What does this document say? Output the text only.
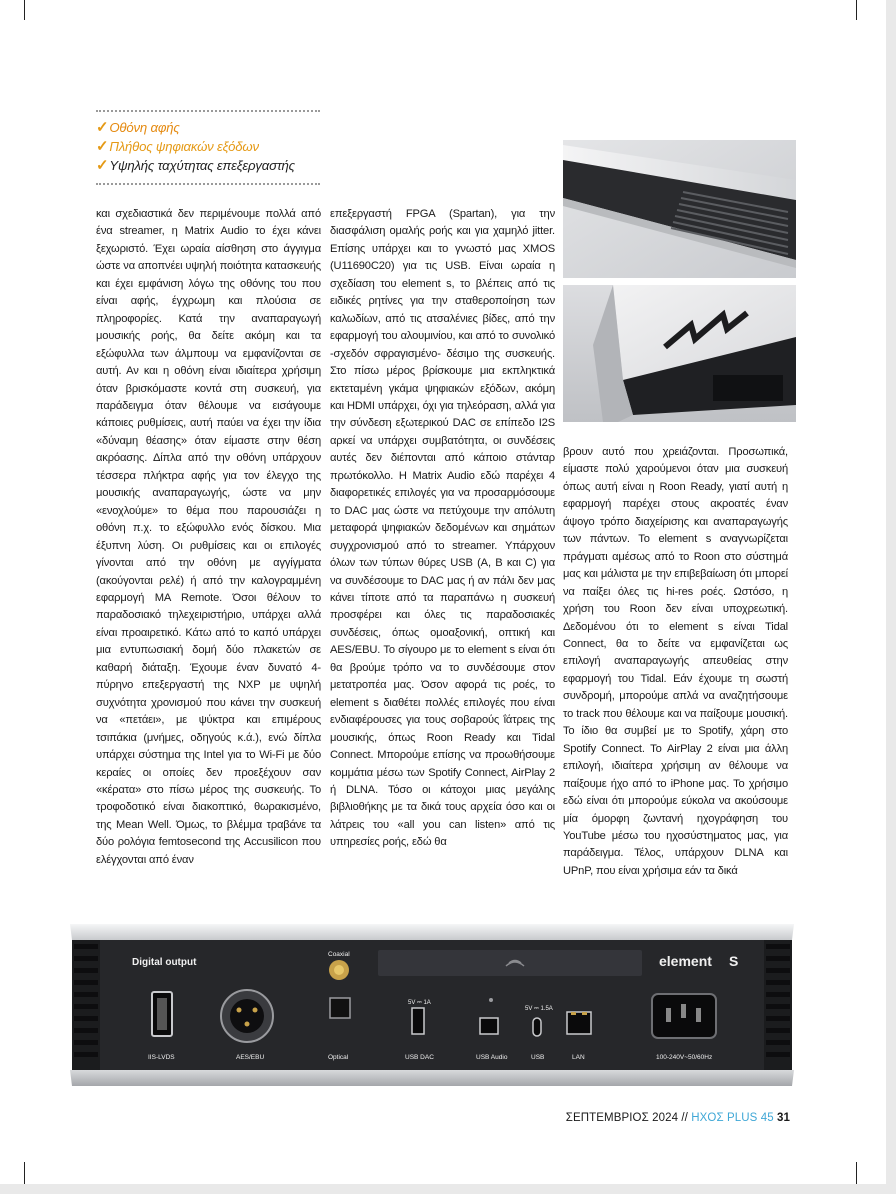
✓Οθόνη αφής
✓Πλήθος ψηφιακών εξόδων
✓Υψηλής ταχύτητας επεξεργαστής

και σχεδιαστικά δεν περιμένουμε πολλά από ένα streamer, η Matrix Audio το έχει κάνει ξεχωριστό. Έχει ωραία αίσθηση στο άγγιγμα ώστε να αποπνέει υψηλή ποιότητα κατασκευής και έχει εμφάνιση λόγω της οθόνης του που είναι αφής, έγχρωμη και πλούσια σε πληροφορίες. Κατά την αναπαραγωγή μουσικής ροής, θα δείτε ακόμη και τα εξώφυλλα των άλμπουμ να εμφανίζονται σε αυτή. Αν και η οθόνη είναι ιδιαίτερα χρήσιμη όταν βρισκόμαστε κοντά στη συσκευή, για παράδειγμα όταν θέλουμε να εισάγουμε κάποιες ρυθμίσεις, αυτή παύει να έχει την ίδια «δύναμη θέασης» όταν είμαστε στην θέση ακρόασης. Δίπλα από την οθόνη υπάρχουν τέσσερα πλήκτρα αφής για τον έλεγχο της μουσικής αναπαραγωγής, ώστε να μην «ενοχλούμε» το θέμα που παρουσιάζει η οθόνη π.χ. το εξώφυλλο ενός δίσκου. Μια έξυπνη λύση. Οι ρυθμίσεις και οι επιλογές γίνονται από την οθόνη με αγγίγματα (ακούγονται ρελέ) ή από την καλογραμμένη εφαρμογή MA Remote. Όσοι θέλουν το παραδοσιακό τηλεχειριστήριο, υπάρχει αλλά είναι προαιρετικό. Κάτω από το καπό υπάρχει μια εντυπωσιακή δομή δύο πλακετών σε καθαρή διάταξη. Έχουμε έναν δυνατό 4-πύρηνο επεξεργαστή της NXP με υψηλή συχνότητα χρονισμού που κάνει την συσκευή να «πετάει», με ψύκτρα και επιμέρους τσιπάκια (μνήμες, οδηγούς κ.ά.), ενώ δίπλα υπάρχει σύστημα της Intel για το Wi-Fi με δύο κεραίες οι οποίες δεν προεξέχουν σαν «κέρατα» στο πίσω μέρος της συσκευής. Το τροφοδοτικό είναι διακοπτικό, θωρακισμένο, της Mean Well. Όμως, το βλέμμα τραβάνε τα δύο ρολόγια femtosecond της Accusilicon που ελέγχονται από έναν

επεξεργαστή FPGA (Spartan), για την διασφάλιση ομαλής ροής και για χαμηλό jitter. Επίσης υπάρχει και το γνωστό μας XMOS (U11690C20) για τις USB. Είναι ωραία η σχεδίαση του element s, το βλέπεις από τις ειδικές ρητίνες για την σταθεροποίηση των καλωδίων, από τις ατσαλένιες βίδες, από την εφαρμογή του αλουμινίου, και από το συνολικό -σχεδόν σφραγισμένο- δέσιμο της συσκευής. Στο πίσω μέρος βρίσκουμε μια εκπληκτικά εκτεταμένη γκάμα ψηφιακών εξόδων, ακόμη και HDMI υπάρχει, όχι για τηλεόραση, αλλά για την σύνδεση εξωτερικού DAC σε επίπεδο I2S αρκεί να υπάρχει συμβατότητα, οι συνδέσεις αυτές δεν διέπονται από κάποιο στάνταρ πρωτόκολλο. Η Matrix Audio εδώ παρέχει 4 διαφορετικές επιλογές για να προσαρμόσουμε το DAC μας ώστε να πετύχουμε την απόλυτη μεταφορά ψηφιακών δεδομένων και σημάτων συγχρονισμού από το streamer. Υπάρχουν όλων των τύπων θύρες USB (A, B και C) για να συνδέσουμε το DAC μας ή αν πάλι δεν μας κάνει τίποτε από τα παραπάνω η συσκευή προσφέρει και όλες τις παραδοσιακές συνδέσεις, όπως ομοαξονική, οπτική και AES/EBU. Το σίγουρο με το element s είναι ότι θα βρούμε τρόπο να το συνδέσουμε στον μετατροπέα μας. Όσον αφορά τις ροές, το element s διαθέτει πολλές επιλογές που είναι ενδιαφέρουσες για τους σοβαρούς ΐάτρεις της μουσικής, όπως Roon Ready και Tidal Connect. Μπορούμε επίσης να προωθήσουμε κομμάτια μέσω των Spotify Connect, AirPlay 2 ή DLNA. Τόσο οι κάτοχοι μιας μεγάλης βιβλιοθήκης με τα δικά τους αρχεία όσο και οι λάτρεις του «all you can listen» από τις υπηρεσίες ροής, εδώ θα

βρουν αυτό που χρειάζονται. Προσωπικά, είμαστε πολύ χαρούμενοι όταν μια συσκευή όπως αυτή είναι η Roon Ready, γιατί αυτή η εφαρμογή παρέχει στους ακροατές έναν άψογο τρόπο διαχείρισης και αναπαραγωγής των πάντων. Το element s αναγνωρίζεται πράγματι αμέσως από το Roon στο σύστημά μας και μάλιστα με την επιβεβαίωση ότι μπορεί να παίξει όλες τις hi-res ροές. Ωστόσο, η χρήση του Roon δεν είναι υποχρεωτική. Δεδομένου ότι το element s είναι Tidal Connect, θα το δείτε να εμφανίζεται ως επιλογή αναπαραγωγής απευθείας στην εφαρμογή του Tidal. Εάν έχουμε τη σωστή συνδρομή, μπορούμε απλά να αναζητήσουμε το track που θέλουμε και να παίξουμε μουσική. Το ίδιο θα συμβεί με το Spotify, χάρη στο Spotify Connect. Το AirPlay 2 είναι μια άλλη επιλογή, ιδιαίτερα χρήσιμη αν θέλουμε να παίξουμε ήχο από το iPhone μας. Το χρήσιμο εδώ είναι ότι μπορούμε εύκολα να ακούσουμε μία όμορφη ζωντανή ηχογράφηση του YouTube μέσω του ηχοσύστηματος μας, για παράδειγμα. Τέλος, υπάρχουν DLNA και UPnP, που είναι χρήσιμα εάν τα δικά

Digital output	element S
Coaxial
IIS-LVDS	AES/EBU	Optical
5V ⎓ 1A
USB DAC	USB Audio
5V ⎓ 1.5A
USB	LAN	100-240V~50/60Hz
ΣΕΠΤΕΜΒΡΙΟΣ 2024 // ΗΧΟΣ PLUS 45 31
